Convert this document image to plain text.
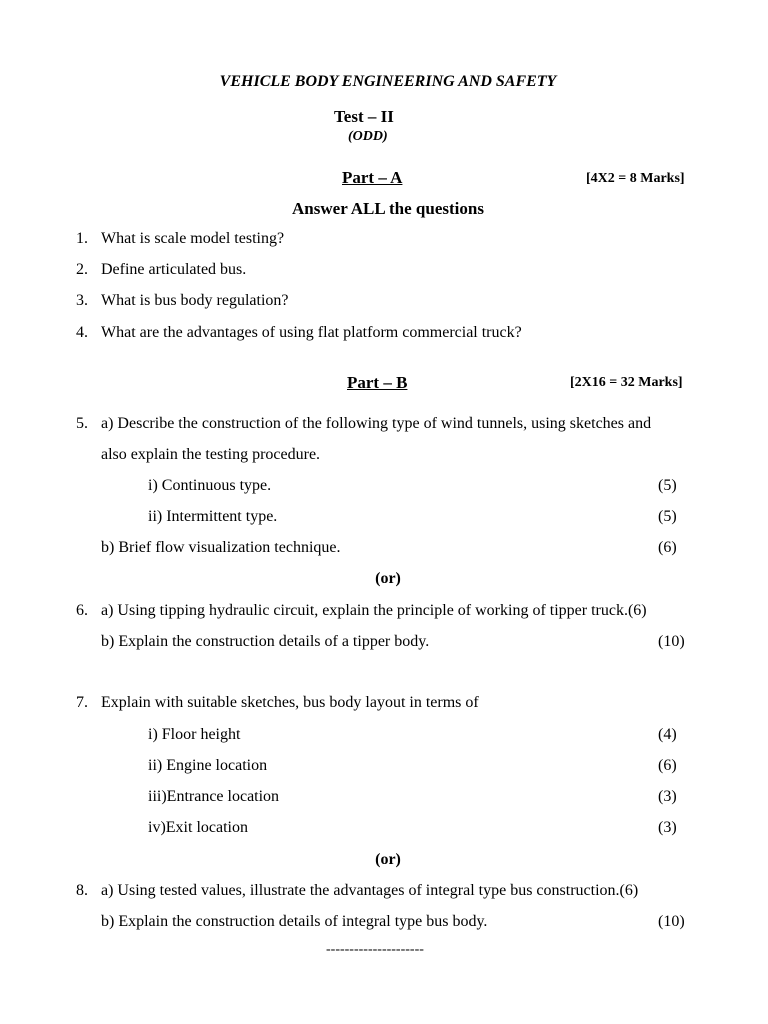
VEHICLE BODY ENGINEERING AND SAFETY
Test – II
(ODD)
Part – A	[4X2 = 8 Marks]
Answer ALL the questions
1. What is scale model testing?
2. Define articulated bus.
3. What is bus body regulation?
4. What are the advantages of using flat platform commercial truck?
Part – B	[2X16 = 32 Marks]
5. a) Describe the construction of the following type of wind tunnels, using sketches and
also explain the testing procedure.
i) Continuous type.	(5)
ii) Intermittent type.	(5)
b) Brief flow visualization technique.	(6)
(or)
6. a) Using tipping hydraulic circuit, explain the principle of working of tipper truck.(6)
b) Explain the construction details of a tipper body.	(10)
7. Explain with suitable sketches, bus body layout in terms of
i) Floor height	(4)
ii) Engine location	(6)
iii)Entrance location	(3)
iv)Exit location	(3)
(or)
8. a) Using tested values, illustrate the advantages of integral type bus construction.(6)
b) Explain the construction details of integral type bus body.	(10)
---------------------
